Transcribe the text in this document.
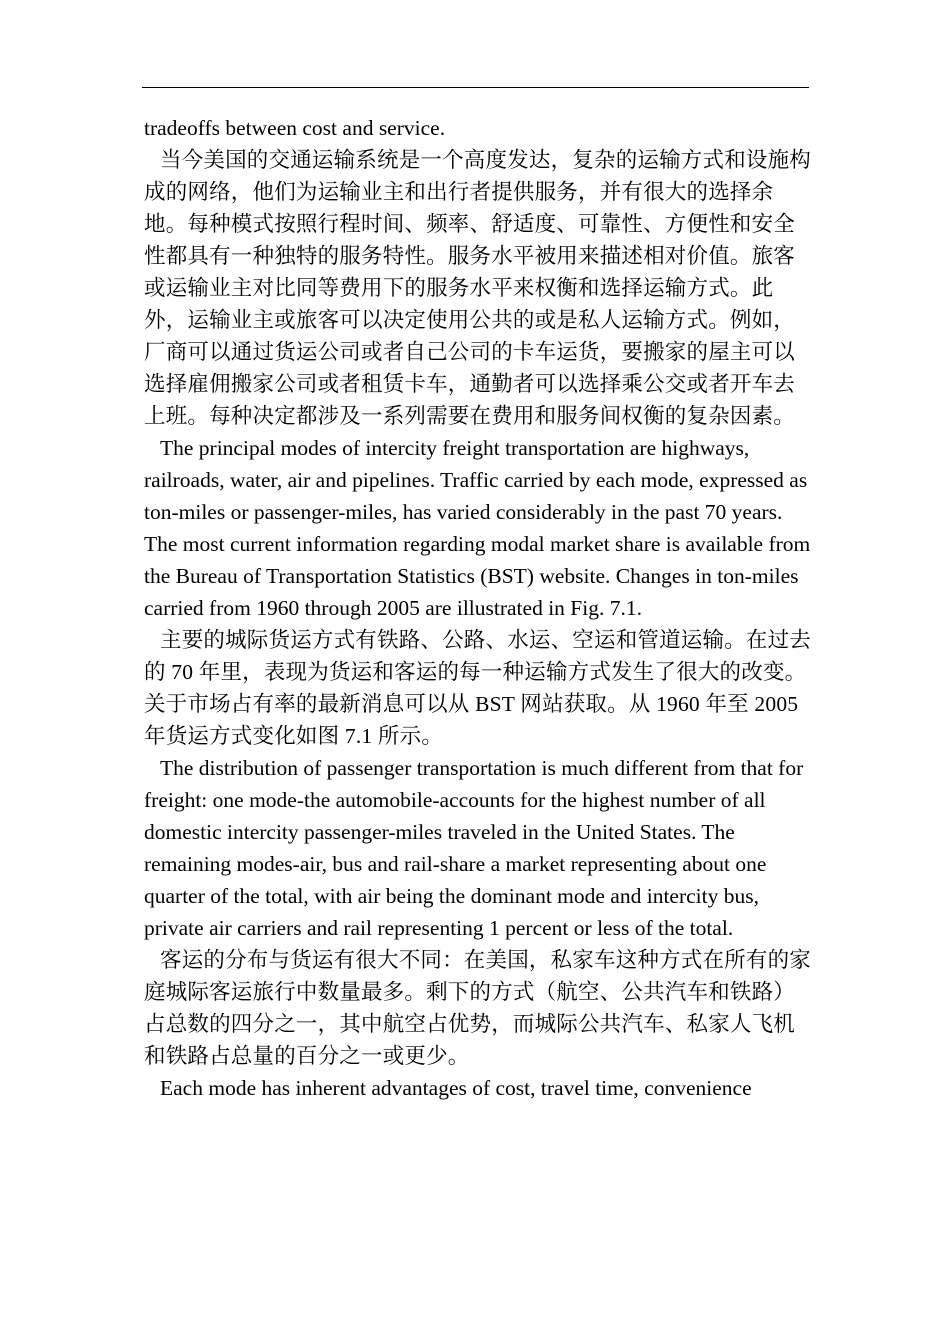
tradeoffs between cost and service.

当今美国的交通运输系统是一个高度发达，复杂的运输方式和设施构成的网络，他们为运输业主和出行者提供服务，并有很大的选择余地。每种模式按照行程时间、频率、舒适度、可靠性、方便性和安全性都具有一种独特的服务特性。服务水平被用来描述相对价值。旅客或运输业主对比同等费用下的服务水平来权衡和选择运输方式。此外，运输业主或旅客可以决定使用公共的或是私人运输方式。例如，厂商可以通过货运公司或者自己公司的卡车运货，要搬家的屋主可以选择雇佣搬家公司或者租赁卡车，通勤者可以选择乘公交或者开车去上班。每种决定都涉及一系列需要在费用和服务间权衡的复杂因素。

The principal modes of intercity freight transportation are highways, railroads, water, air and pipelines. Traffic carried by each mode, expressed as ton-miles or passenger-miles, has varied considerably in the past 70 years. The most current information regarding modal market share is available from the Bureau of Transportation Statistics (BST) website. Changes in ton-miles carried from 1960 through 2005 are illustrated in Fig. 7.1.

主要的城际货运方式有铁路、公路、水运、空运和管道运输。在过去的 70 年里，表现为货运和客运的每一种运输方式发生了很大的改变。关于市场占有率的最新消息可以从 BST 网站获取。从 1960 年至 2005 年货运方式变化如图 7.1 所示。

The distribution of passenger transportation is much different from that for freight: one mode-the automobile-accounts for the highest number of all domestic intercity passenger-miles traveled in the United States. The remaining modes-air, bus and rail-share a market representing about one quarter of the total, with air being the dominant mode and intercity bus, private air carriers and rail representing 1 percent or less of the total.

客运的分布与货运有很大不同：在美国，私家车这种方式在所有的家庭城际客运旅行中数量最多。剩下的方式（航空、公共汽车和铁路）占总数的四分之一，其中航空占优势，而城际公共汽车、私家人飞机和铁路占总量的百分之一或更少。

Each mode has inherent advantages of cost, travel time, convenience
